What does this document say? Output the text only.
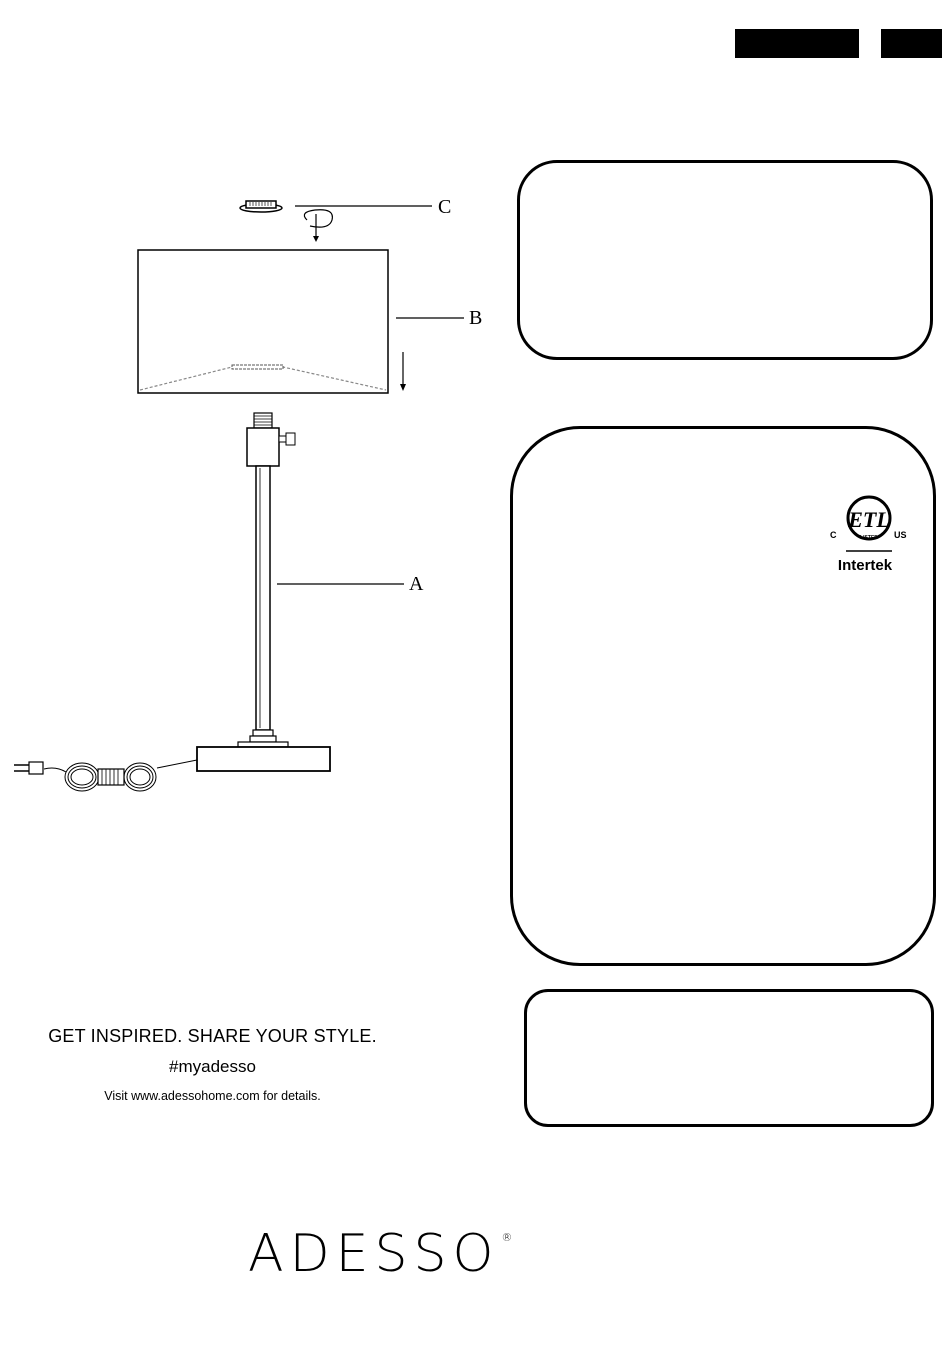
ETL
LISTED
C	US
Intertek
C
B
A
GET INSPIRED. SHARE YOUR STYLE.
#myadesso
Visit www.adessohome.com for details.
ADESSO ®
